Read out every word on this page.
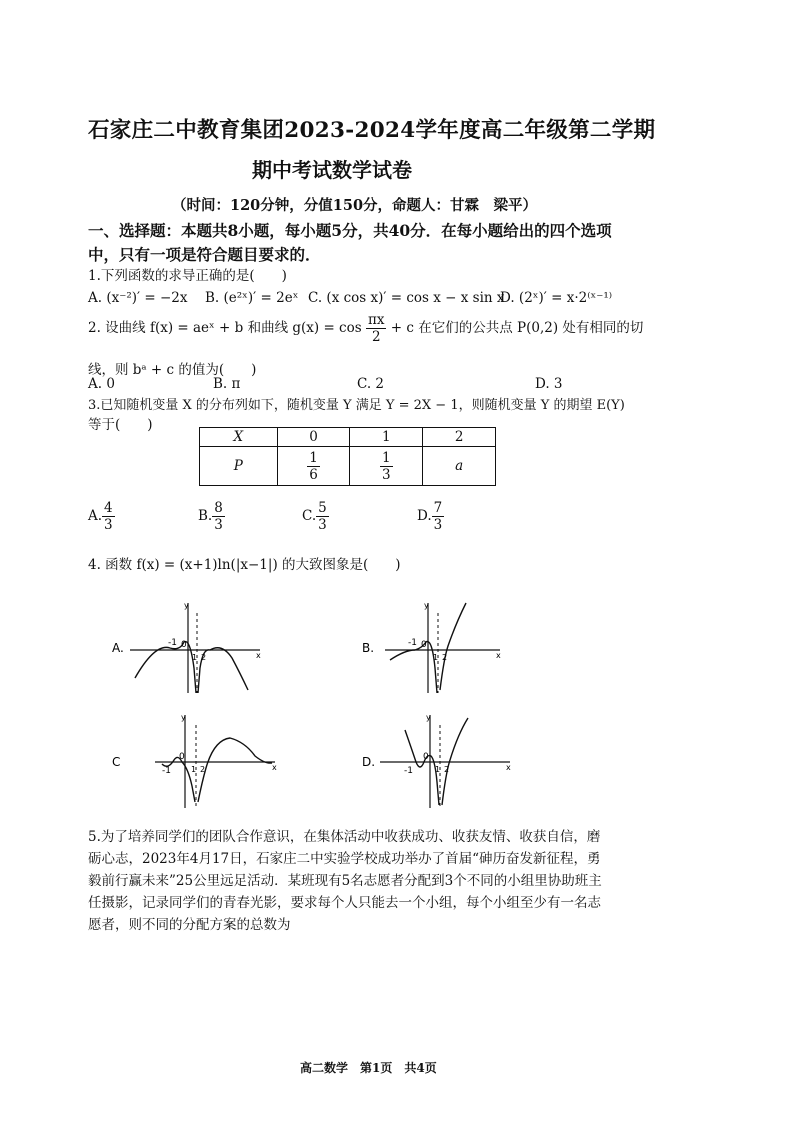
石家庄二中教育集团2023-2024学年度高二年级第二学期
期中考试数学试卷
（时间：120分钟，分值150分，命题人：甘霖　梁平）
一、选择题：本题共8小题，每小题5分，共40分．在每小题给出的四个选项中，只有一项是符合题目要求的．
1.下列函数的求导正确的是(　　)
A. (x⁻²)′ = −2x B. (e²ˣ)′ = 2eˣ C. (x cos x)′ = cos x − x sin x
D. (2ˣ)′ = x·2⁽ˣ⁻¹⁾
2. 设曲线 f(x) = aeˣ + b 和曲线 $g(x) = \cos \frac{\pi x}{2} + c$ 在它们的公共点 P(0,2) 处有相同的切
线，则 bᵃ + c 的值为(　　)
A. 0	B. π	C. 2	D. 3
3.已知随机变量 X 的分布列如下，随机变量 Y 满足 Y = 2X − 1，则随机变量 Y 的期望 E(Y)
等于(　　)
X	0	1	2
P	$\frac{1}{6}$	$\frac{1}{3}$	a
A. $\frac{4}{3}$	B. $\frac{8}{3}$	C. $\frac{5}{3}$	D. $\frac{7}{3}$
4. 函数 f(x) = (x+1)ln(|x−1|) 的大致图象是(　　)
A.
y
x
-1 0
1 2
B.
y
x
-1 0
1 2
C
y
x
-1
0
1 2
D.
y
x
-1
0
1 2
5.为了培养同学们的团队合作意识，在集体活动中收获成功、收获友情、收获自信，磨
砺心志，2023年4月17日，石家庄二中实验学校成功举办了首届“砷历奋发新征程，勇
毅前行赢未来”25公里远足活动．某班现有5名志愿者分配到3个不同的小组里协助班主
任摄影，记录同学们的青春光影，要求每个人只能去一个小组，每个小组至少有一名志
愿者，则不同的分配方案的总数为
高二数学　第1页　共4页
